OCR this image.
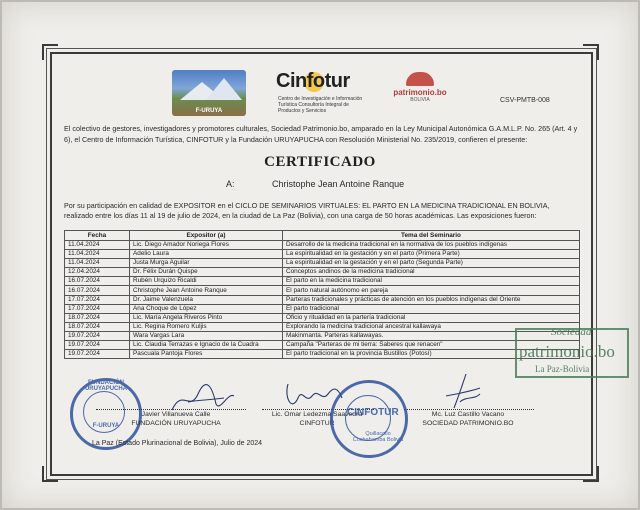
F-URUYA
Cinfotur
Centro de Investigación e Información Turística Consultoría Integral de Productos y Servicios
patrimonio.bo
BOLIVIA	CSV-PMTB-008
El colectivo de gestores, investigadores y promotores culturales, Sociedad Patrimonio.bo, amparado en la Ley Municipal Autonómica G.A.M.L.P. No. 265 (Art. 4 y 6), el Centro de Información Turística, CINFOTUR y la Fundación URUYAPUCHA con Resolución Ministerial No. 235/2019, confieren el presente:
CERTIFICADO
A:	Christophe Jean Antoine Ranque
Por su participación en calidad de EXPOSITOR en el CICLO DE SEMINARIOS VIRTUALES: EL PARTO EN LA MEDICINA TRADICIONAL EN BOLIVIA, realizado entre los días 11 al 19 de julio de 2024, en la ciudad de La Paz (Bolivia), con una carga de 50 horas académicas. Las exposiciones fueron:
Fecha	Expositor (a)	Tema del Seminario
11.04.2024	Lic. Diego Amador Noriega Flores	Desarrollo de la medicina tradicional en la normativa de los pueblos indígenas
11.04.2024	Adelio Laura	La espiritualidad en la gestación y en el parto (Primera Parte)
11.04.2024	Justa Murga Aguilar	La espiritualidad en la gestación y en el parto (Segunda Parte)
12.04.2024	Dr. Félix Durán Quispe	Conceptos andinos de la medicina tradicional
16.07.2024	Rubén Urquizo Ricaldi	El parto en la medicina tradicional
16.07.2024	Christophe Jean Antoine Ranque	El parto natural autónomo en pareja
17.07.2024	Dr. Jaime Valenzuela	Parteras tradicionales y prácticas de atención en los pueblos indígenas del Oriente
17.07.2024	Ana Choque de López	El parto tradicional
18.07.2024	Lic. María Angela Riveros Pinto	Oficio y ritualidad en la partería tradicional
18.07.2024	Lic. Regina Romero Kuljis	Explorando la medicina tradicional ancestral kallawaya
19.07.2024	Wara Vargas Lara	Makinmanta. Parteras kallawayas.
19.07.2024	Lic. Claudia Terrazas e Ignacio de la Cuadra	Campaña "Parteras de mi tierra: Saberes que renacen"
19.07.2024	Pascuala Pantoja Flores	El parto tradicional en la provincia Bustillos (Potosí)
Sociedad
patrimonio.bo
La Paz-Bolivia
FUNDACIÓN URUYAPUCHA
F-URUYA
Javier Villanueva Calle
FUNDACIÓN URUYAPUCHA
Lic. Omar Ledezma Saavedra
CINFOTUR
Mc. Luz Castillo Vacano
SOCIEDAD PATRIMONIO.BO
CINFOTUR
Quillacollo Cochabamba Bolivia
La Paz (Estado Plurinacional de Bolivia), Julio de 2024
